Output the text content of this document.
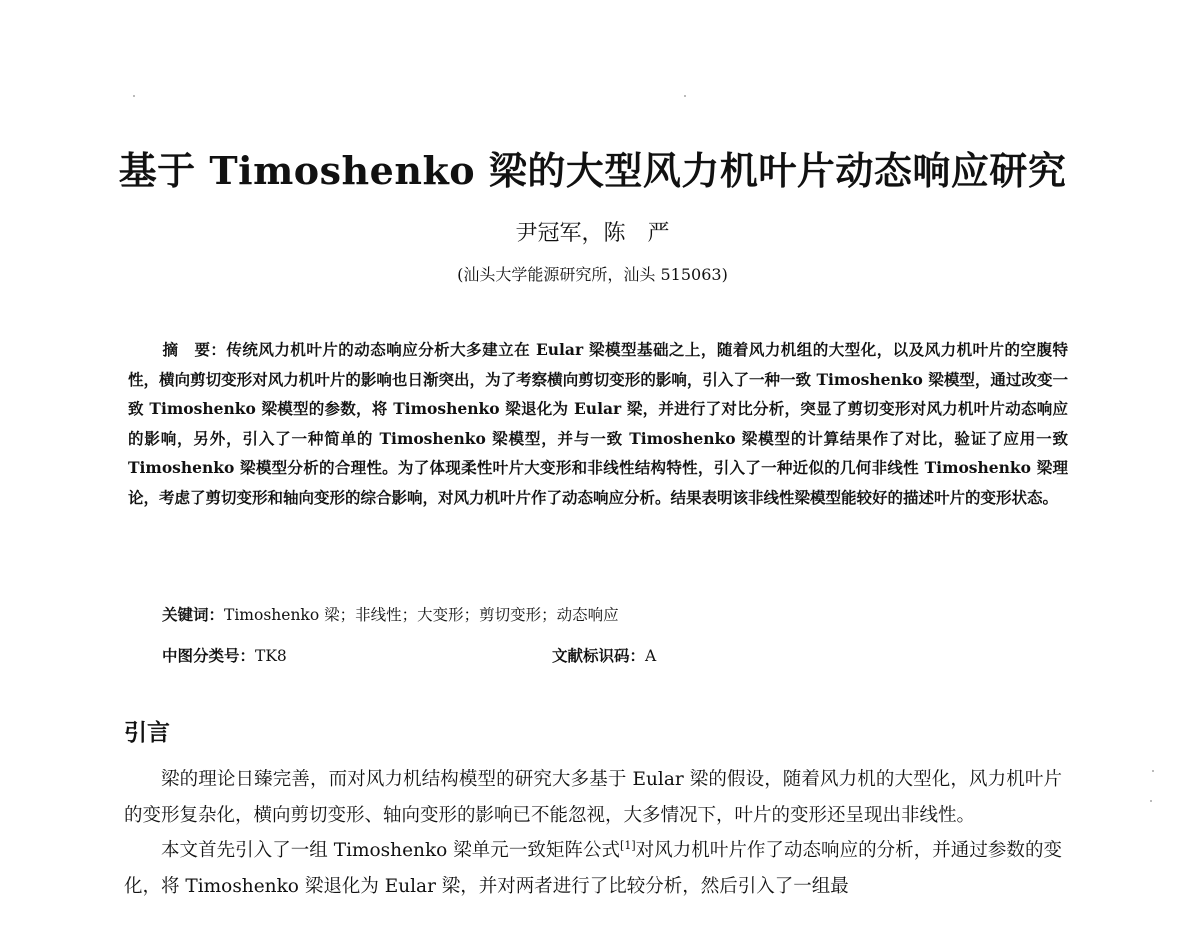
基于 Timoshenko 梁的大型风力机叶片动态响应研究
尹冠军，陈　严
(汕头大学能源研究所，汕头 515063)
摘　要：传统风力机叶片的动态响应分析大多建立在 Eular 梁模型基础之上，随着风力机组的大型化，以及风力机叶片的空腹特性，横向剪切变形对风力机叶片的影响也日渐突出，为了考察横向剪切变形的影响，引入了一种一致 Timoshenko 梁模型，通过改变一致 Timoshenko 梁模型的参数，将 Timoshenko 梁退化为 Eular 梁，并进行了对比分析，突显了剪切变形对风力机叶片动态响应的影响，另外，引入了一种简单的 Timoshenko 梁模型，并与一致 Timoshenko 梁模型的计算结果作了对比，验证了应用一致 Timoshenko 梁模型分析的合理性。为了体现柔性叶片大变形和非线性结构特性，引入了一种近似的几何非线性 Timoshenko 梁理论，考虑了剪切变形和轴向变形的综合影响，对风力机叶片作了动态响应分析。结果表明该非线性梁模型能较好的描述叶片的变形状态。
关键词：Timoshenko 梁；非线性；大变形；剪切变形；动态响应
中图分类号：TK8	文献标识码：A
引言

梁的理论日臻完善，而对风力机结构模型的研究大多基于 Eular 梁的假设，随着风力机的大型化，风力机叶片的变形复杂化，横向剪切变形、轴向变形的影响已不能忽视，大多情况下，叶片的变形还呈现出非线性。

本文首先引入了一组 Timoshenko 梁单元一致矩阵公式[1]对风力机叶片作了动态响应的分析，并通过参数的变化，将 Timoshenko 梁退化为 Eular 梁，并对两者进行了比较分析，然后引入了一组最
